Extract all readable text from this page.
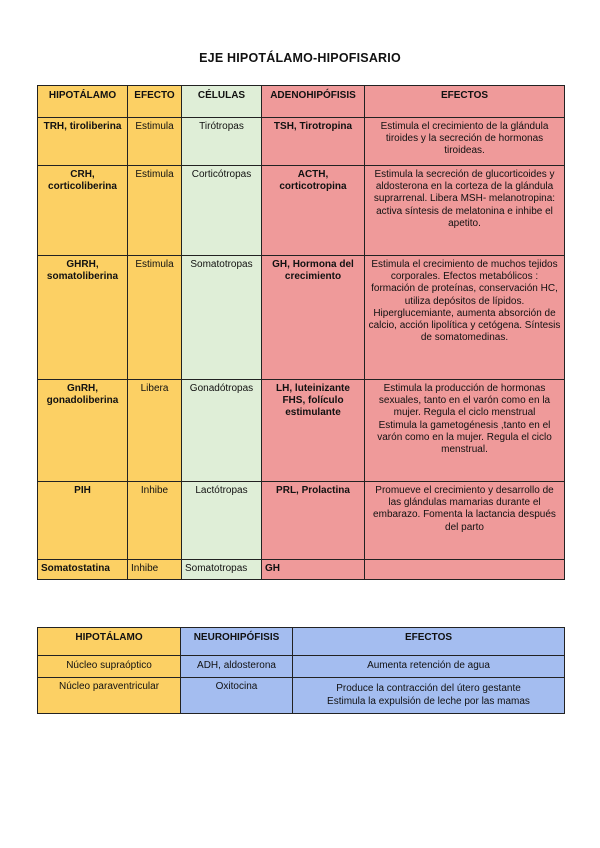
EJE HIPOTÁLAMO-HIPOFISARIO
HIPOTÁLAMO	EFECTO	CÉLULAS	ADENOHIPÓFISIS	EFECTOS
TRH, tiroliberina	Estimula	Tirótropas	TSH, Tirotropina	Estimula el crecimiento de la glándula tiroides y la secreción de hormonas tiroideas.
CRH, corticoliberina	Estimula	Corticótropas	ACTH, corticotropina	Estimula la secreción de glucorticoides y aldosterona en la corteza de la glándula suprarrenal. Libera MSH- melanotropina: activa síntesis de melatonina e inhibe el apetito.
GHRH, somatoliberina	Estimula	Somatotropas	GH, Hormona del crecimiento	Estimula el crecimiento de muchos tejidos corporales. Efectos metabólicos : formación de proteínas, conservación HC, utiliza depósitos de lípidos. Hiperglucemiante, aumenta absorción de calcio, acción lipolítica y cetógena. Síntesis de somatomedinas.
GnRH, gonadoliberina	Libera	Gonadótropas	LH, luteinizante FHS, folículo estimulante	Estimula la producción de hormonas sexuales, tanto en el varón como en la mujer. Regula el ciclo menstrual
Estimula la gametogénesis ,tanto en el varón como en la mujer. Regula el ciclo menstrual.

PIH	Inhibe	Lactótropas	PRL, Prolactina	Promueve el crecimiento y desarrollo de las glándulas mamarias durante el embarazo. Fomenta la lactancia después del parto
Somatostatina	Inhibe	Somatotropas	GH	
HIPOTÁLAMO	NEUROHIPÓFISIS	EFECTOS
Núcleo supraóptico	ADH, aldosterona	Aumenta retención de agua
Núcleo paraventricular	Oxitocina	Produce la contracción del útero gestante
Estimula la expulsión de leche por las mamas
